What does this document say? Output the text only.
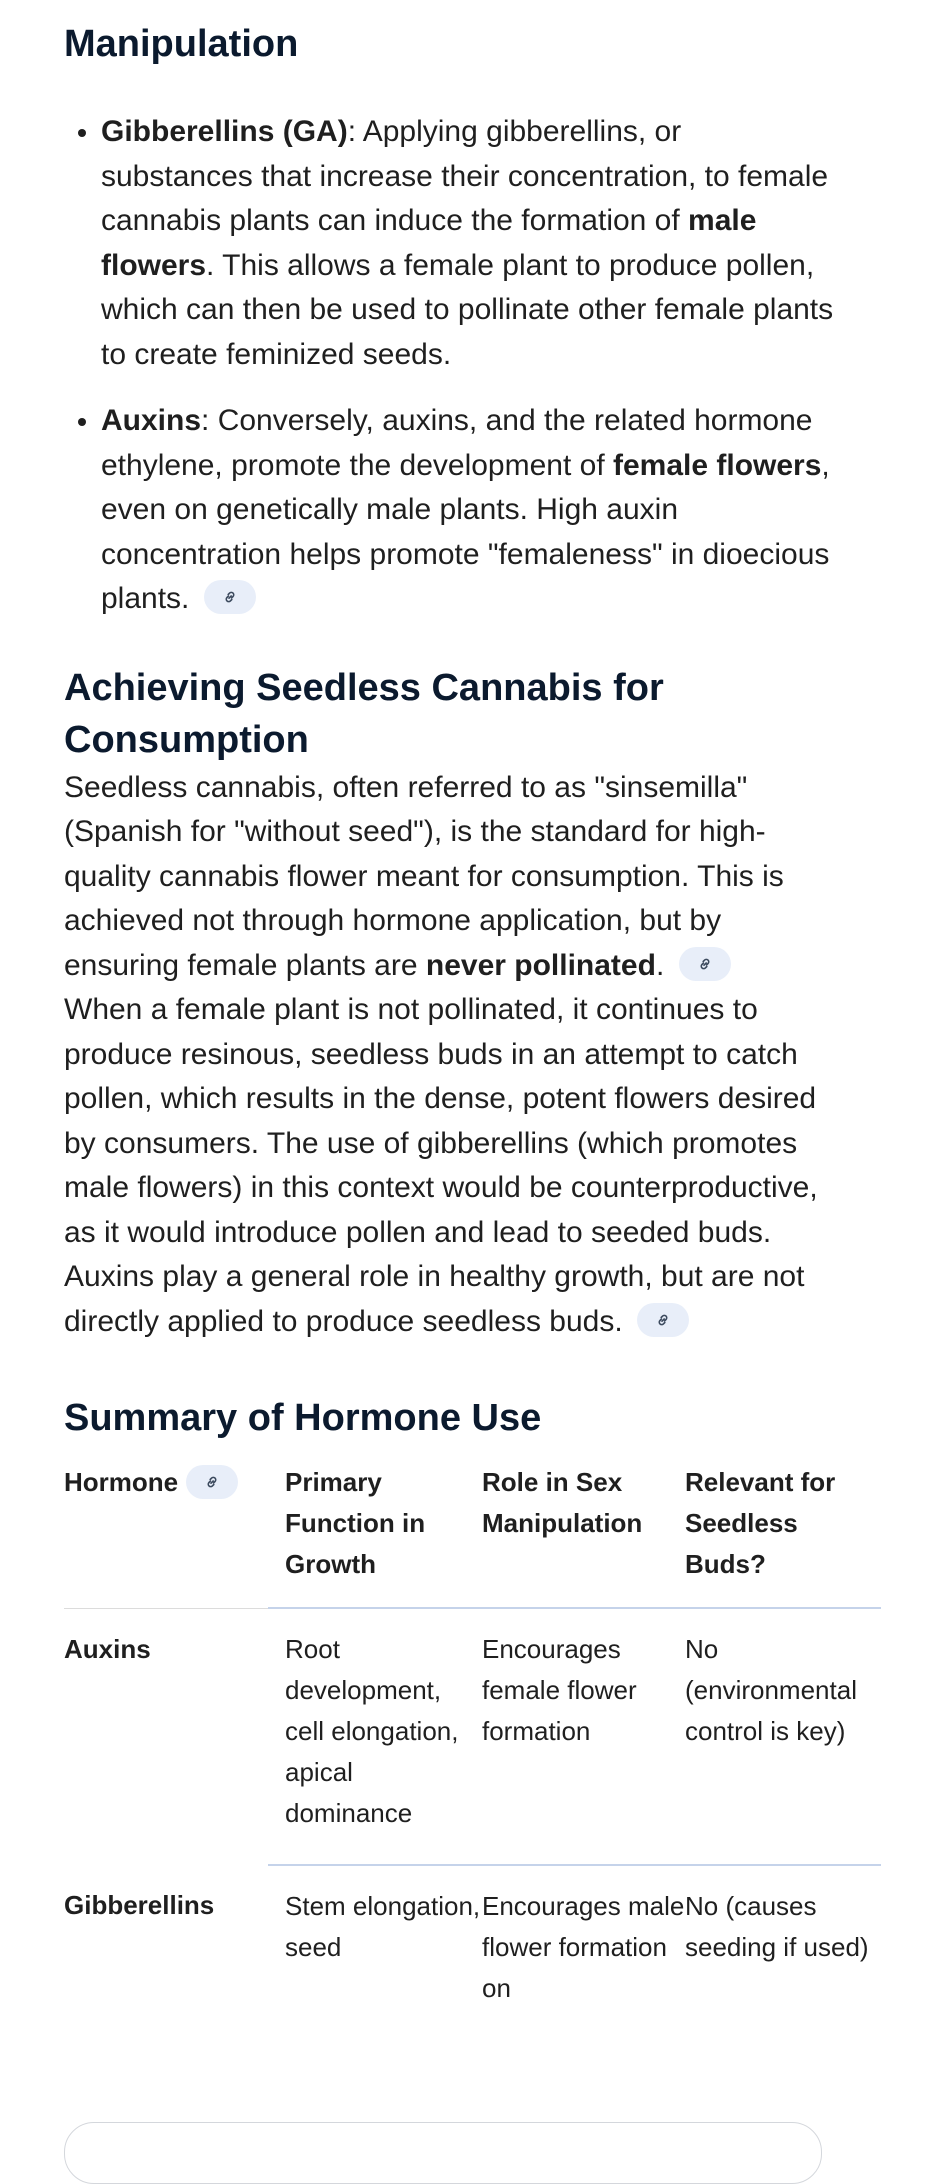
Manipulation
• Gibberellins (GA): Applying gibberellins, or substances that increase their concentration, to female cannabis plants can induce the formation of male flowers. This allows a female plant to produce pollen, which can then be used to pollinate other female plants to create feminized seeds.
• Auxins: Conversely, auxins, and the related hormone ethylene, promote the development of female flowers, even on genetically male plants. High auxin concentration helps promote "femaleness" in dioecious plants.
Achieving Seedless Cannabis for Consumption

Seedless cannabis, often referred to as "sinsemilla" (Spanish for "without seed"), is the standard for high-quality cannabis flower meant for consumption. This is achieved not through hormone application, but by ensuring female plants are never pollinated.

When a female plant is not pollinated, it continues to produce resinous, seedless buds in an attempt to catch pollen, which results in the dense, potent flowers desired by consumers. The use of gibberellins (which promotes male flowers) in this context would be counterproductive, as it would introduce pollen and lead to seeded buds. Auxins play a general role in healthy growth, but are not directly applied to produce seedless buds.

Summary of Hormone Use
Hormone	Primary Function in Growth	Role in Sex Manipulation	Relevant for Seedless Buds?
Auxins	Root development, cell elongation, apical dominance	Encourages female flower formation	No (environmental control is key)
Gibberellins	Stem elongation, seed	Encourages male flower formation on	No (causes seeding if used)
